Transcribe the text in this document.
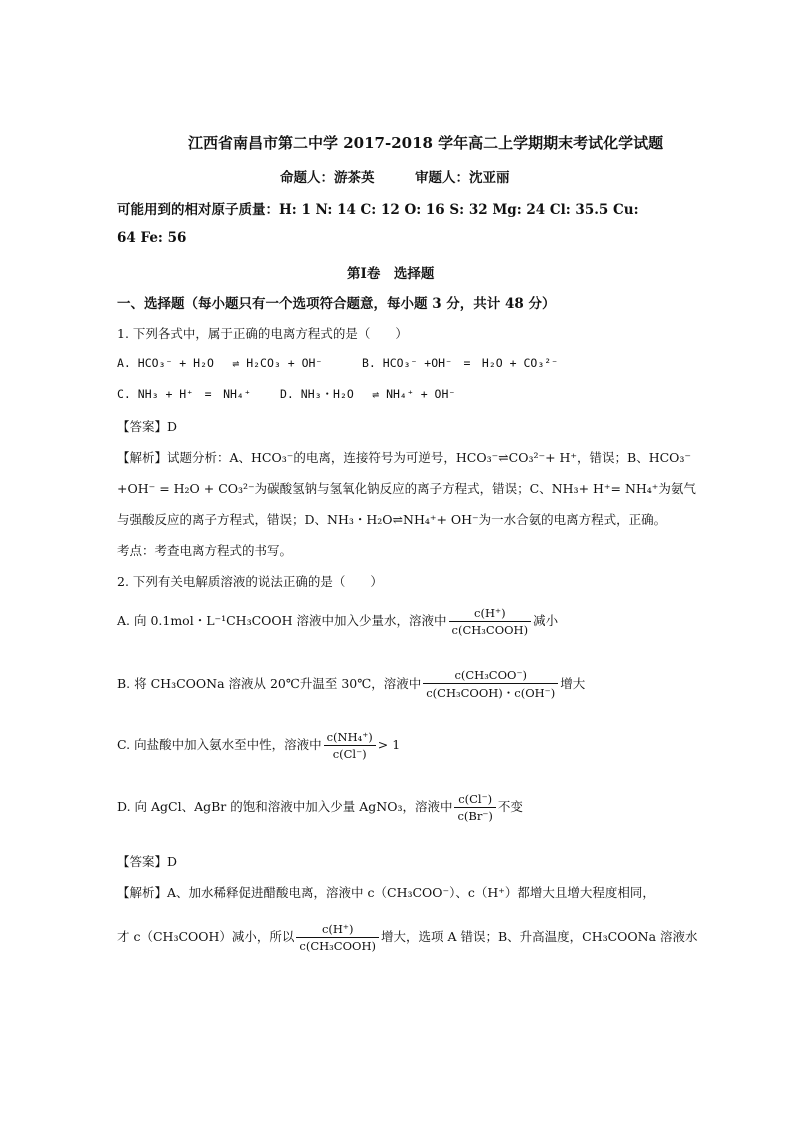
江西省南昌市第二中学 2017-2018 学年高二上学期期末考试化学试题
命题人：游茶英　　　审题人：沈亚丽
可能用到的相对原子质量：H: 1 N: 14 C: 12 O: 16 S: 32 Mg: 24 Cl: 35.5 Cu:
64 Fe: 56
第Ⅰ卷　选择题
一、选择题（每小题只有一个选项符合题意，每小题 3 分，共计 48 分）
1. 下列各式中，属于正确的电离方程式的是（　　）
A. HCO₃⁻ + H₂O　 ⇌ H₂CO₃ + OH⁻	B. HCO₃⁻ +OH⁻　=　H₂O + CO₃²⁻
C. NH₃ + H⁺　=　NH₄⁺	D. NH₃・H₂O　 ⇌ NH₄⁺ + OH⁻
【答案】D
【解析】试题分析：A、HCO₃⁻的电离，连接符号为可逆号，HCO₃⁻⇌CO₃²⁻+ H⁺，错误；B、HCO₃⁻
+OH⁻ = H₂O + CO₃²⁻为碳酸氢钠与氢氧化钠反应的离子方程式，错误；C、NH₃+ H⁺= NH₄⁺为氨气
与强酸反应的离子方程式，错误；D、NH₃・H₂O⇌NH₄⁺+ OH⁻为一水合氨的电离方程式，正确。
考点：考查电离方程式的书写。
2. 下列有关电解质溶液的说法正确的是（　　）
A. 向 0.1mol・L⁻¹CH₃COOH 溶液中加入少量水，溶液中 $\frac{c(H^+)}{\text{c(CH₃COOH)}}$ 减小
B. 将 CH₃COONa 溶液从 20℃升温至 30℃，溶液中 $\frac{\text{c(CH₃COO⁻)}}{\text{c(CH₃COOH)・c(OH⁻)}}$ 增大
C. 向盐酸中加入氨水至中性，溶液中 $\frac{\text{c(NH₄⁺)}}{c(Cl^-)} > 1$
D. 向 AgCl、AgBr 的饱和溶液中加入少量 AgNO₃，溶液中 $\frac{c(Cl^-)}{c(Br^-)}$ 不变
【答案】D
【解析】A、加水稀释促进醋酸电离，溶液中 c（CH₃COO⁻）、c（H⁺）都增大且增大程度相同，
才 c（CH₃COOH）减小，所以 $\frac{c(H^+)}{\text{c(CH₃COOH)}}$ 增大，选项 A 错误；B、升高温度，CH₃COONa 溶液水
